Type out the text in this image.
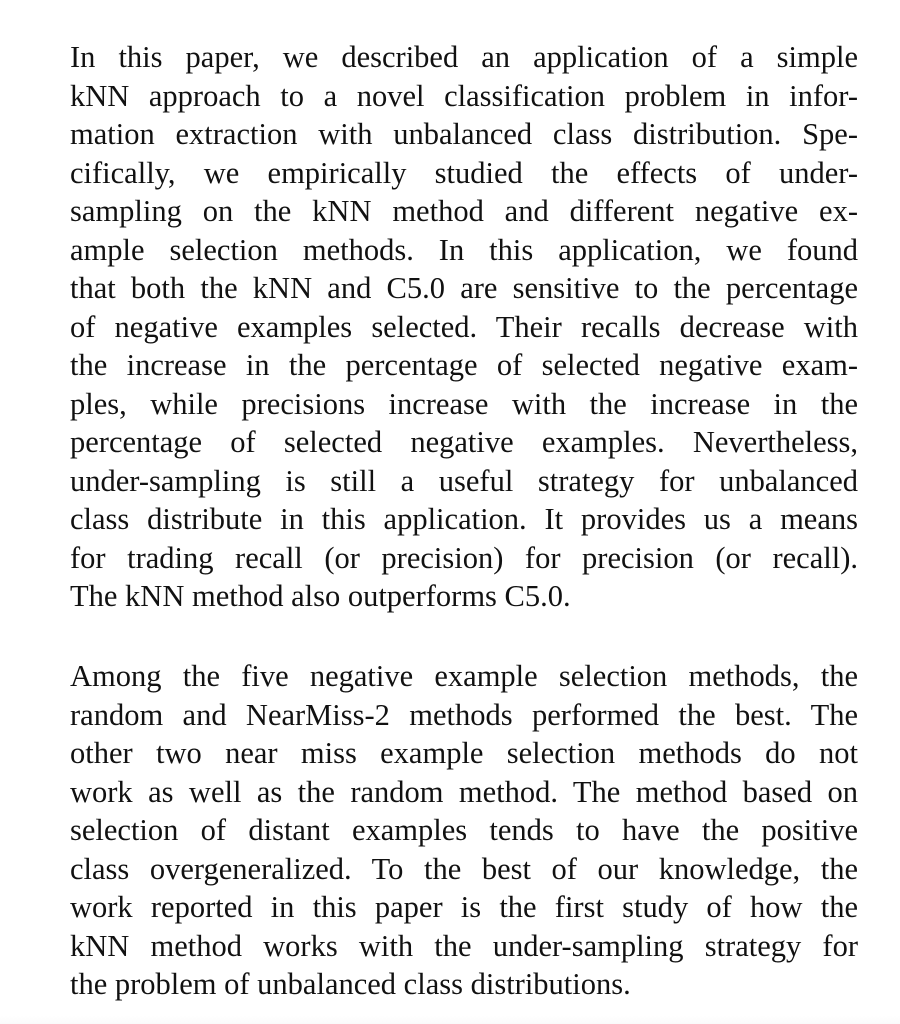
In this paper, we described an application of a simple
kNN approach to a novel classification problem in infor-
mation extraction with unbalanced class distribution. Spe-
cifically, we empirically studied the effects of under-
sampling on the kNN method and different negative ex-
ample selection methods. In this application, we found
that both the kNN and C5.0 are sensitive to the percentage
of negative examples selected. Their recalls decrease with
the increase in the percentage of selected negative exam-
ples, while precisions increase with the increase in the
percentage of selected negative examples. Nevertheless,
under-sampling is still a useful strategy for unbalanced
class distribute in this application. It provides us a means
for trading recall (or precision) for precision (or recall).
The kNN method also outperforms C5.0.
Among the five negative example selection methods, the
random and NearMiss-2 methods performed the best. The
other two near miss example selection methods do not
work as well as the random method. The method based on
selection of distant examples tends to have the positive
class overgeneralized. To the best of our knowledge, the
work reported in this paper is the first study of how the
kNN method works with the under-sampling strategy for
the problem of unbalanced class distributions.
